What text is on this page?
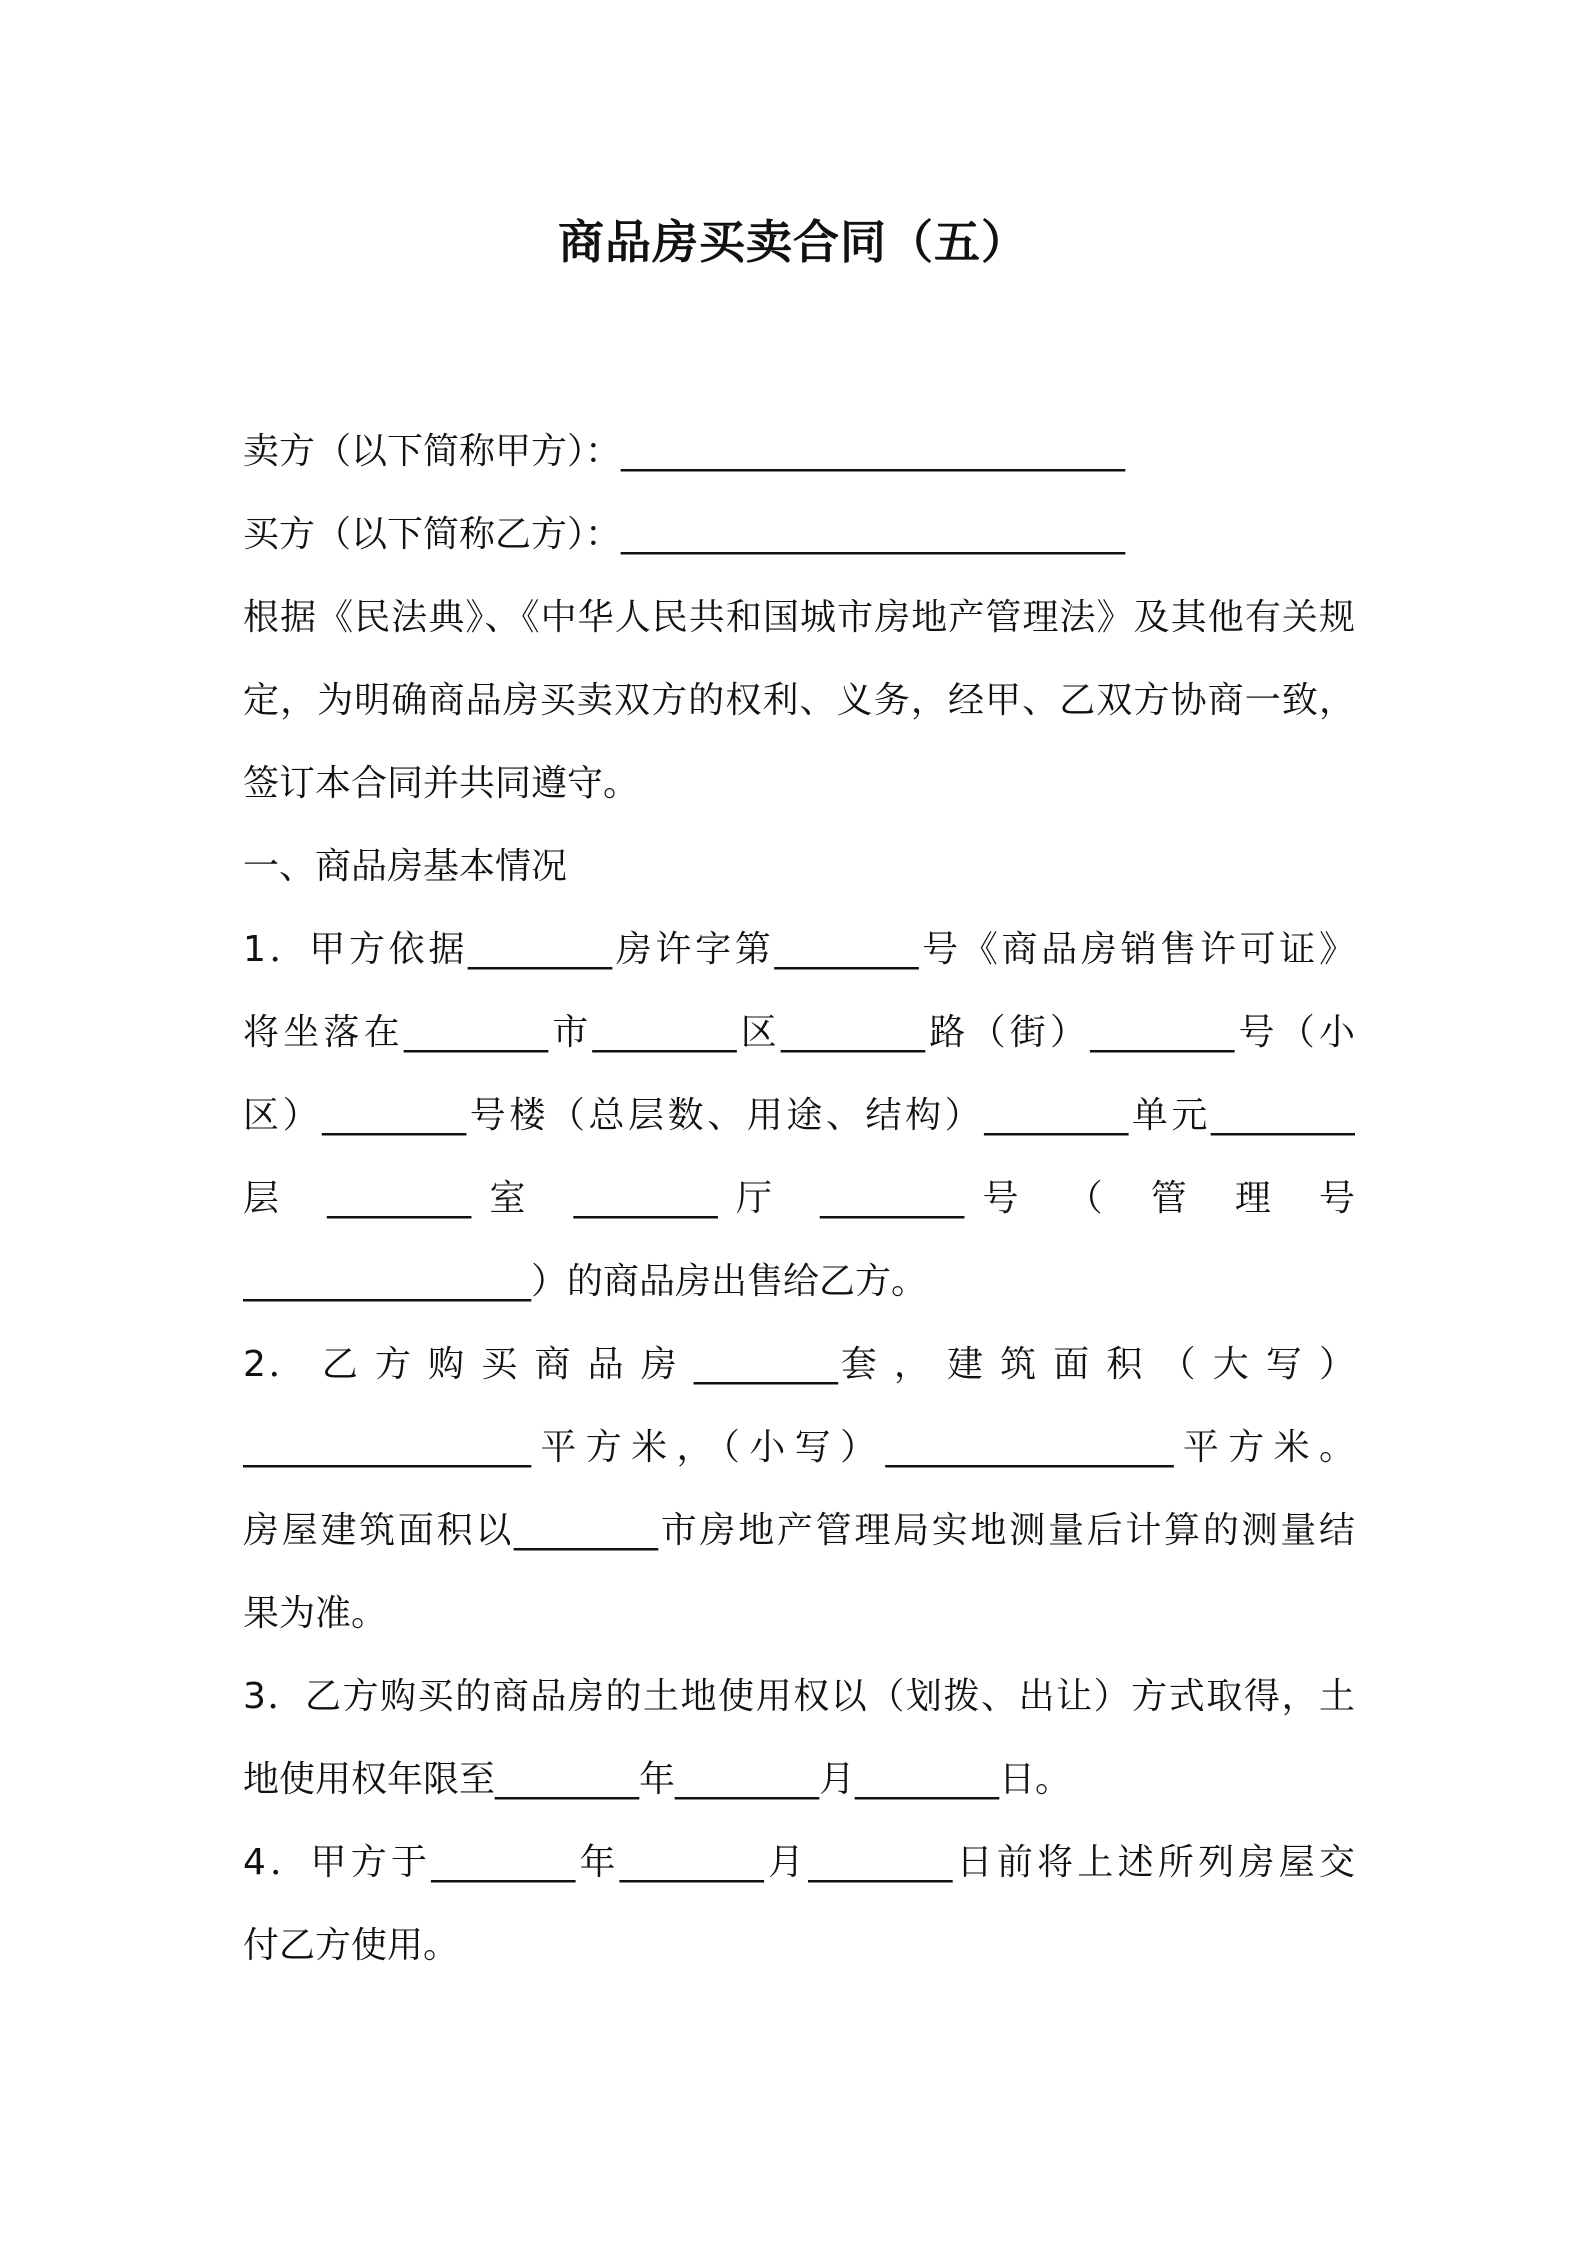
商品房买卖合同（五）
卖方（以下简称甲方）：____________________________
买方（以下简称乙方）：____________________________
根据《民法典》、《中华人民共和国城市房地产管理法》及其他有关规
定，为明确商品房买卖双方的权利、义务，经甲、乙双方协商一致，
签订本合同并共同遵守。
一、商品房基本情况
1．甲方依据________房许字第________号《商品房销售许可证》
将坐落在________市________区________路（街）________号（小
区）________号楼（总层数、用途、结构）________单元________
层 ________室 ________厅 ________号 （ 管 理 号
________________）的商品房出售给乙方。
2． 乙 方 购 买 商 品 房 ________套 ， 建 筑 面 积 （ 大 写 ）
________________平方米，（小写）________________平方米。
房屋建筑面积以________市房地产管理局实地测量后计算的测量结
果为准。
3．乙方购买的商品房的土地使用权以（划拨、出让）方式取得，土
地使用权年限至________年________月________日。
4．甲方于________年________月________日前将上述所列房屋交
付乙方使用。
